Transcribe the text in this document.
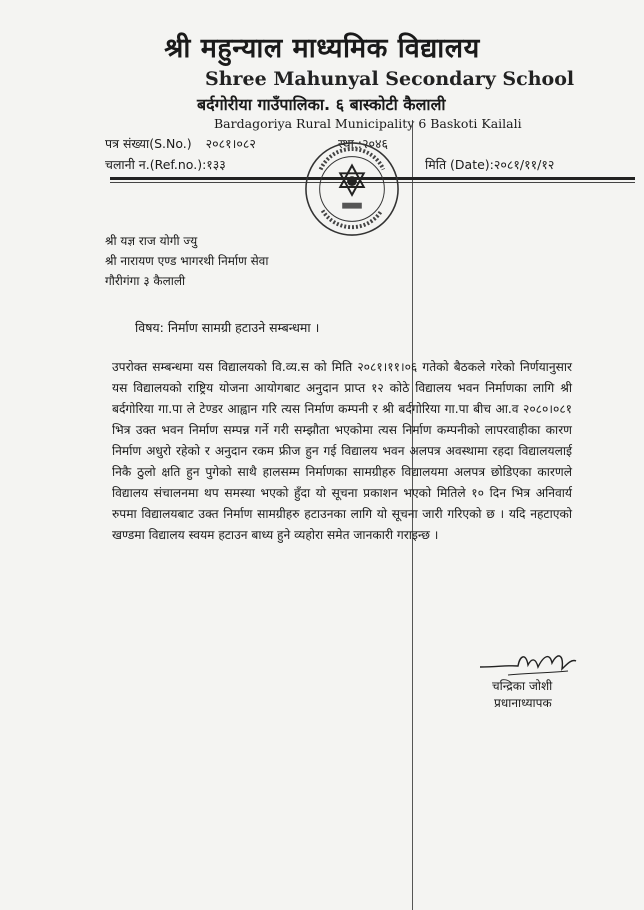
श्री महुन्याल माध्यमिक विद्यालय
Shree Mahunyal Secondary School
बर्दगोरीया गाउँपालिका. ६ बास्कोटी कैलाली
Bardagoriya Rural Municipality 6 Baskoti Kailali
पत्र संख्या(S.No.) २०८१।०८२	स्था.:२०४६
चलानी न.(Ref.no.):१३३	मिति (Date):२०८१/११/१२
श्री यज्ञ राज योगी ज्यु
श्री नारायण एण्ड भागरथी निर्माण सेवा
गौरीगंगा ३ कैलाली
विषय: निर्माण सामग्री हटाउने सम्बन्धमा ।
उपरोक्त सम्बन्धमा यस विद्यालयको वि.व्य.स को मिति २०८१।११।०६ गतेको बैठकले गरेको निर्णयानुसार यस विद्यालयको राष्ट्रिय योजना आयोगबाट अनुदान प्राप्त १२ कोठे विद्यालय भवन निर्माणका लागि श्री बर्दगोरिया गा.पा ले टेण्डर आह्वान गरि त्यस निर्माण कम्पनी र श्री बर्दगोरिया गा.पा बीच आ.व २०८०।०८१ भित्र उक्त भवन निर्माण सम्पन्न गर्ने गरी सम्झौता भएकोमा त्यस निर्माण कम्पनीको लापरवाहीका कारण निर्माण अधुरो रहेको र अनुदान रकम फ्रीज हुन गई विद्यालय भवन अलपत्र अवस्थामा रहदा विद्यालयलाई निकै ठुलो क्षति हुन पुगेको साथै हालसम्म निर्माणका सामग्रीहरु विद्यालयमा अलपत्र छोडिएका कारणले विद्यालय संचालनमा थप समस्या भएको हुँदा यो सूचना प्रकाशन भएको मितिले १० दिन भित्र अनिवार्य रुपमा विद्यालयबाट उक्त निर्माण सामग्रीहरु हटाउनका लागि यो सूचना जारी गरिएको छ । यदि नहटाएको खण्डमा विद्यालय स्वयम हटाउन बाध्य हुने व्यहोरा समेत जानकारी गराइन्छ ।
चन्द्रिका जोशी
प्रधानाध्यापक
